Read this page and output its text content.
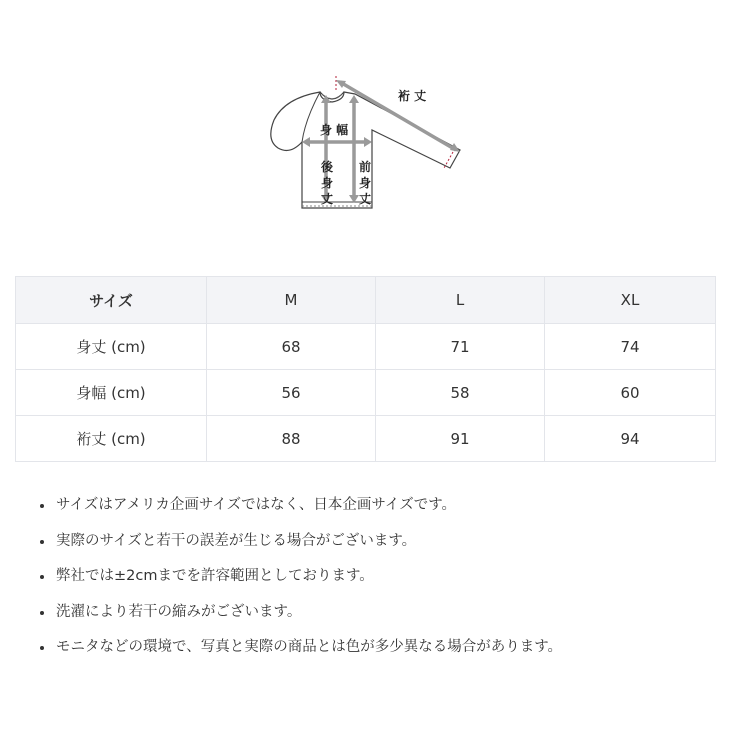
裄 丈
身 幅
後
身
丈
前
身
丈
サイズ	M	L	XL
身丈 (cm)	68	71	74
身幅 (cm)	56	58	60
裄丈 (cm)	88	91	94
• サイズはアメリカ企画サイズではなく、日本企画サイズです。
• 実際のサイズと若干の誤差が生じる場合がございます。
• 弊社では±2cmまでを許容範囲としております。
• 洗濯により若干の縮みがございます。
• モニタなどの環境で、写真と実際の商品とは色が多少異なる場合があります。
